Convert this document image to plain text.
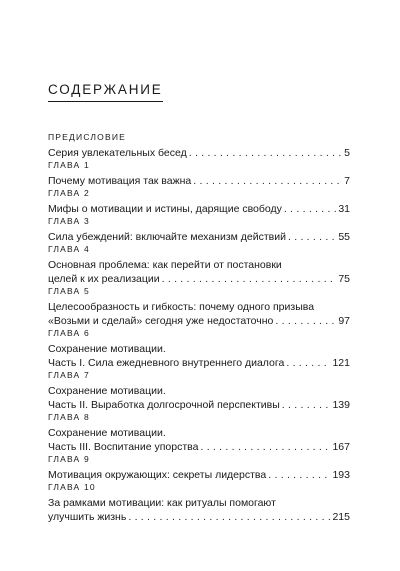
СОДЕРЖАНИЕ
ПРЕДИСЛОВИЕ
Серия увлекательных бесед . . .	5
ГЛАВА 1
Почему мотивация так важна . . .	7
ГЛАВА 2
Мифы о мотивации и истины, дарящие свободу . . .	31
ГЛАВА 3
Сила убеждений: включайте механизм действий . . .	55
ГЛАВА 4
Основная проблема: как перейти от постановки
целей к их реализации . . .	75
ГЛАВА 5
Целесообразность и гибкость: почему одного призыва
«Возьми и сделай» сегодня уже недостаточно . . .	97
ГЛАВА 6
Сохранение мотивации.
Часть I. Сила ежедневного внутреннего диалога . . .	121
ГЛАВА 7
Сохранение мотивации.
Часть II. Выработка долгосрочной перспективы . . .	139
ГЛАВА 8
Сохранение мотивации.
Часть III. Воспитание упорства . . .	167
ГЛАВА 9
Мотивация окружающих: секреты лидерства . . .	193
ГЛАВА 10
За рамками мотивации: как ритуалы помогают
улучшить жизнь . . .	215
